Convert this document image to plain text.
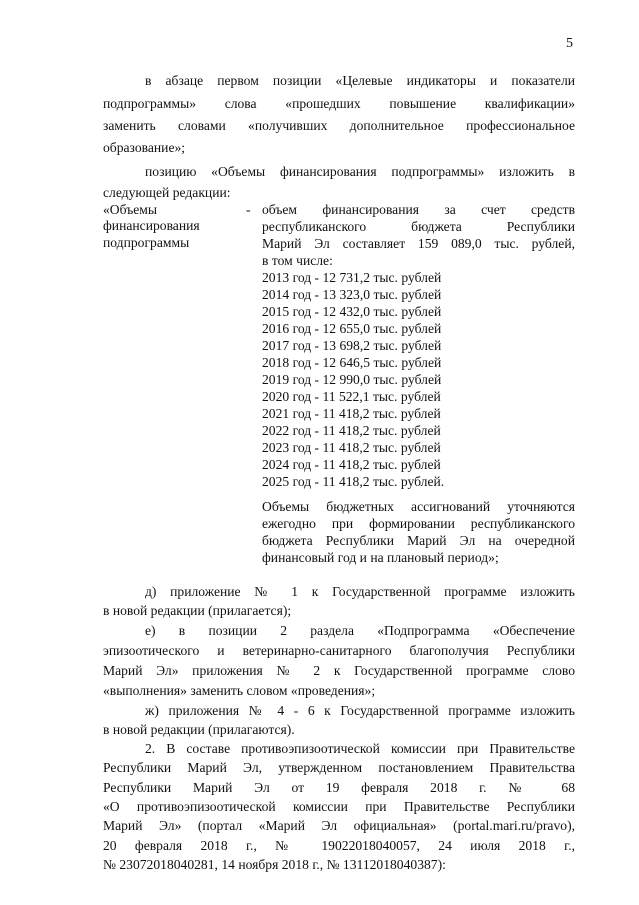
5
в абзаце первом позиции «Целевые индикаторы и показатели
подпрограммы» слова «прошедших повышение квалификации»
заменить словами «получивших дополнительное профессиональное
образование»;
позицию «Объемы финансирования подпрограммы» изложить в
следующей редакции:
«Объемы
финансирования
подпрограммы
- объем финансирования за счет средств
республиканского бюджета Республики
Марий Эл составляет 159 089,0 тыс. рублей,
в том числе:
2013 год - 12 731,2 тыс. рублей
2014 год - 13 323,0 тыс. рублей
2015 год - 12 432,0 тыс. рублей
2016 год - 12 655,0 тыс. рублей
2017 год - 13 698,2 тыс. рублей
2018 год - 12 646,5 тыс. рублей
2019 год - 12 990,0 тыс. рублей
2020 год - 11 522,1 тыс. рублей
2021 год - 11 418,2 тыс. рублей
2022 год - 11 418,2 тыс. рублей
2023 год - 11 418,2 тыс. рублей
2024 год - 11 418,2 тыс. рублей
2025 год - 11 418,2 тыс. рублей.
Объемы бюджетных ассигнований уточняются
ежегодно при формировании республиканского
бюджета Республики Марий Эл на очередной
финансовый год и на плановый период»;
д) приложение № 1 к Государственной программе изложить
в новой редакции (прилагается);
е) в позиции 2 раздела «Подпрограмма «Обеспечение
эпизоотического и ветеринарно-санитарного благополучия Республики
Марий Эл» приложения № 2 к Государственной программе слово
«выполнения» заменить словом «проведения»;
ж) приложения № 4 - 6 к Государственной программе изложить
в новой редакции (прилагаются).
2. В составе противоэпизоотической комиссии при Правительстве
Республики Марий Эл, утвержденном постановлением Правительства
Республики Марий Эл от 19 февраля 2018 г. № 68
«О противоэпизоотической комиссии при Правительстве Республики
Марий Эл» (портал «Марий Эл официальная» (portal.mari.ru/pravo),
20 февраля 2018 г., № 19022018040057, 24 июля 2018 г.,
№ 23072018040281, 14 ноября 2018 г., № 13112018040387):
